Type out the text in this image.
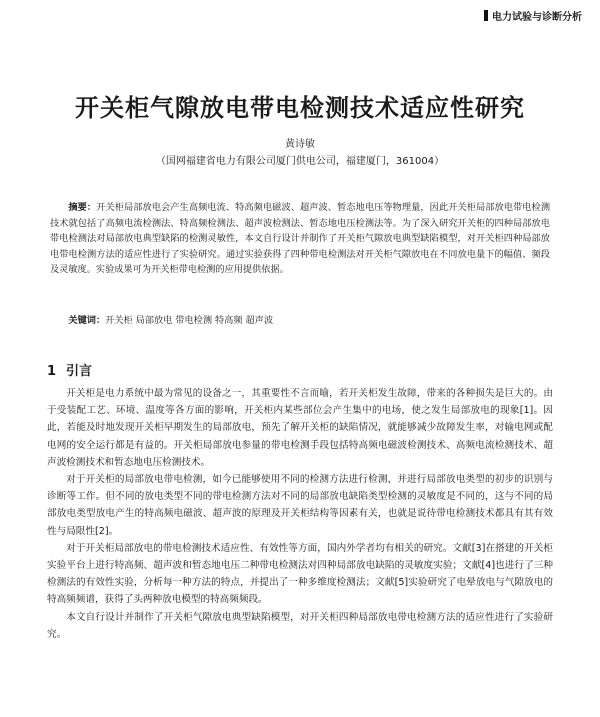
电力试验与诊断分析
开关柜气隙放电带电检测技术适应性研究
黄诗敏
（国网福建省电力有限公司厦门供电公司，福建厦门，361004）
摘要：开关柜局部放电会产生高频电流、特高频电磁波、超声波、暂态地电压等物理量，因此开关柜局部放电带电检测技术就包括了高频电流检测法、特高频检测法、超声波检测法、暂态地电压检测法等。为了深入研究开关柜的四种局部放电带电检测法对局部放电典型缺陷的检测灵敏性，本文自行设计并制作了开关柜气隙放电典型缺陷模型，对开关柜四种局部放电带电检测方法的适应性进行了实验研究。通过实验获得了四种带电检测法对开关柜气隙放电在不同放电量下的幅值、频段及灵敏度。实验成果可为开关柜带电检测的应用提供依据。
关键词：开关柜 局部放电 带电检测 特高频 超声波
1 引言

开关柜是电力系统中最为常见的设备之一，其重要性不言而喻，若开关柜发生故障，带来的各种损失是巨大的。由于受装配工艺、环境、温度等各方面的影响，开关柜内某些部位会产生集中的电场，使之发生局部放电的现象[1]。因此，若能及时地发现开关柜早期发生的局部放电，预先了解开关柜的缺陷情况，就能够减少故障发生率，对输电网或配电网的安全运行都是有益的。开关柜局部放电参量的带电检测手段包括特高频电磁波检测技术、高频电流检测技术、超声波检测技术和暂态地电压检测技术。

对于开关柜的局部放电带电检测，如今已能够使用不同的检测方法进行检测，并进行局部放电类型的初步的识别与诊断等工作。但不同的放电类型不同的带电检测方法对不同的局部放电缺陷类型检测的灵敏度是不同的，这与不同的局部放电类型放电产生的特高频电磁波、超声波的原理及开关柜结构等因素有关，也就是说待带电检测技术都具有其有效性与局限性[2]。

对于开关柜局部放电的带电检测技术适应性、有效性等方面，国内外学者均有相关的研究。文献[3]在搭建的开关柜实验平台上进行特高频、超声波和暂态地电压二种带电检测法对四种局部放电缺陷的灵敏度实验；文献[4]也进行了三种检测法的有效性实验，分析每一种方法的特点，并提出了一种多维度检测法；文献[5]实验研究了电晕放电与气隙放电的特高频频谱，获得了头两种放电模型的特高频频段。

本文自行设计并制作了开关柜气隙放电典型缺陷模型，对开关柜四种局部放电带电检测方法的适应性进行了实验研究。
